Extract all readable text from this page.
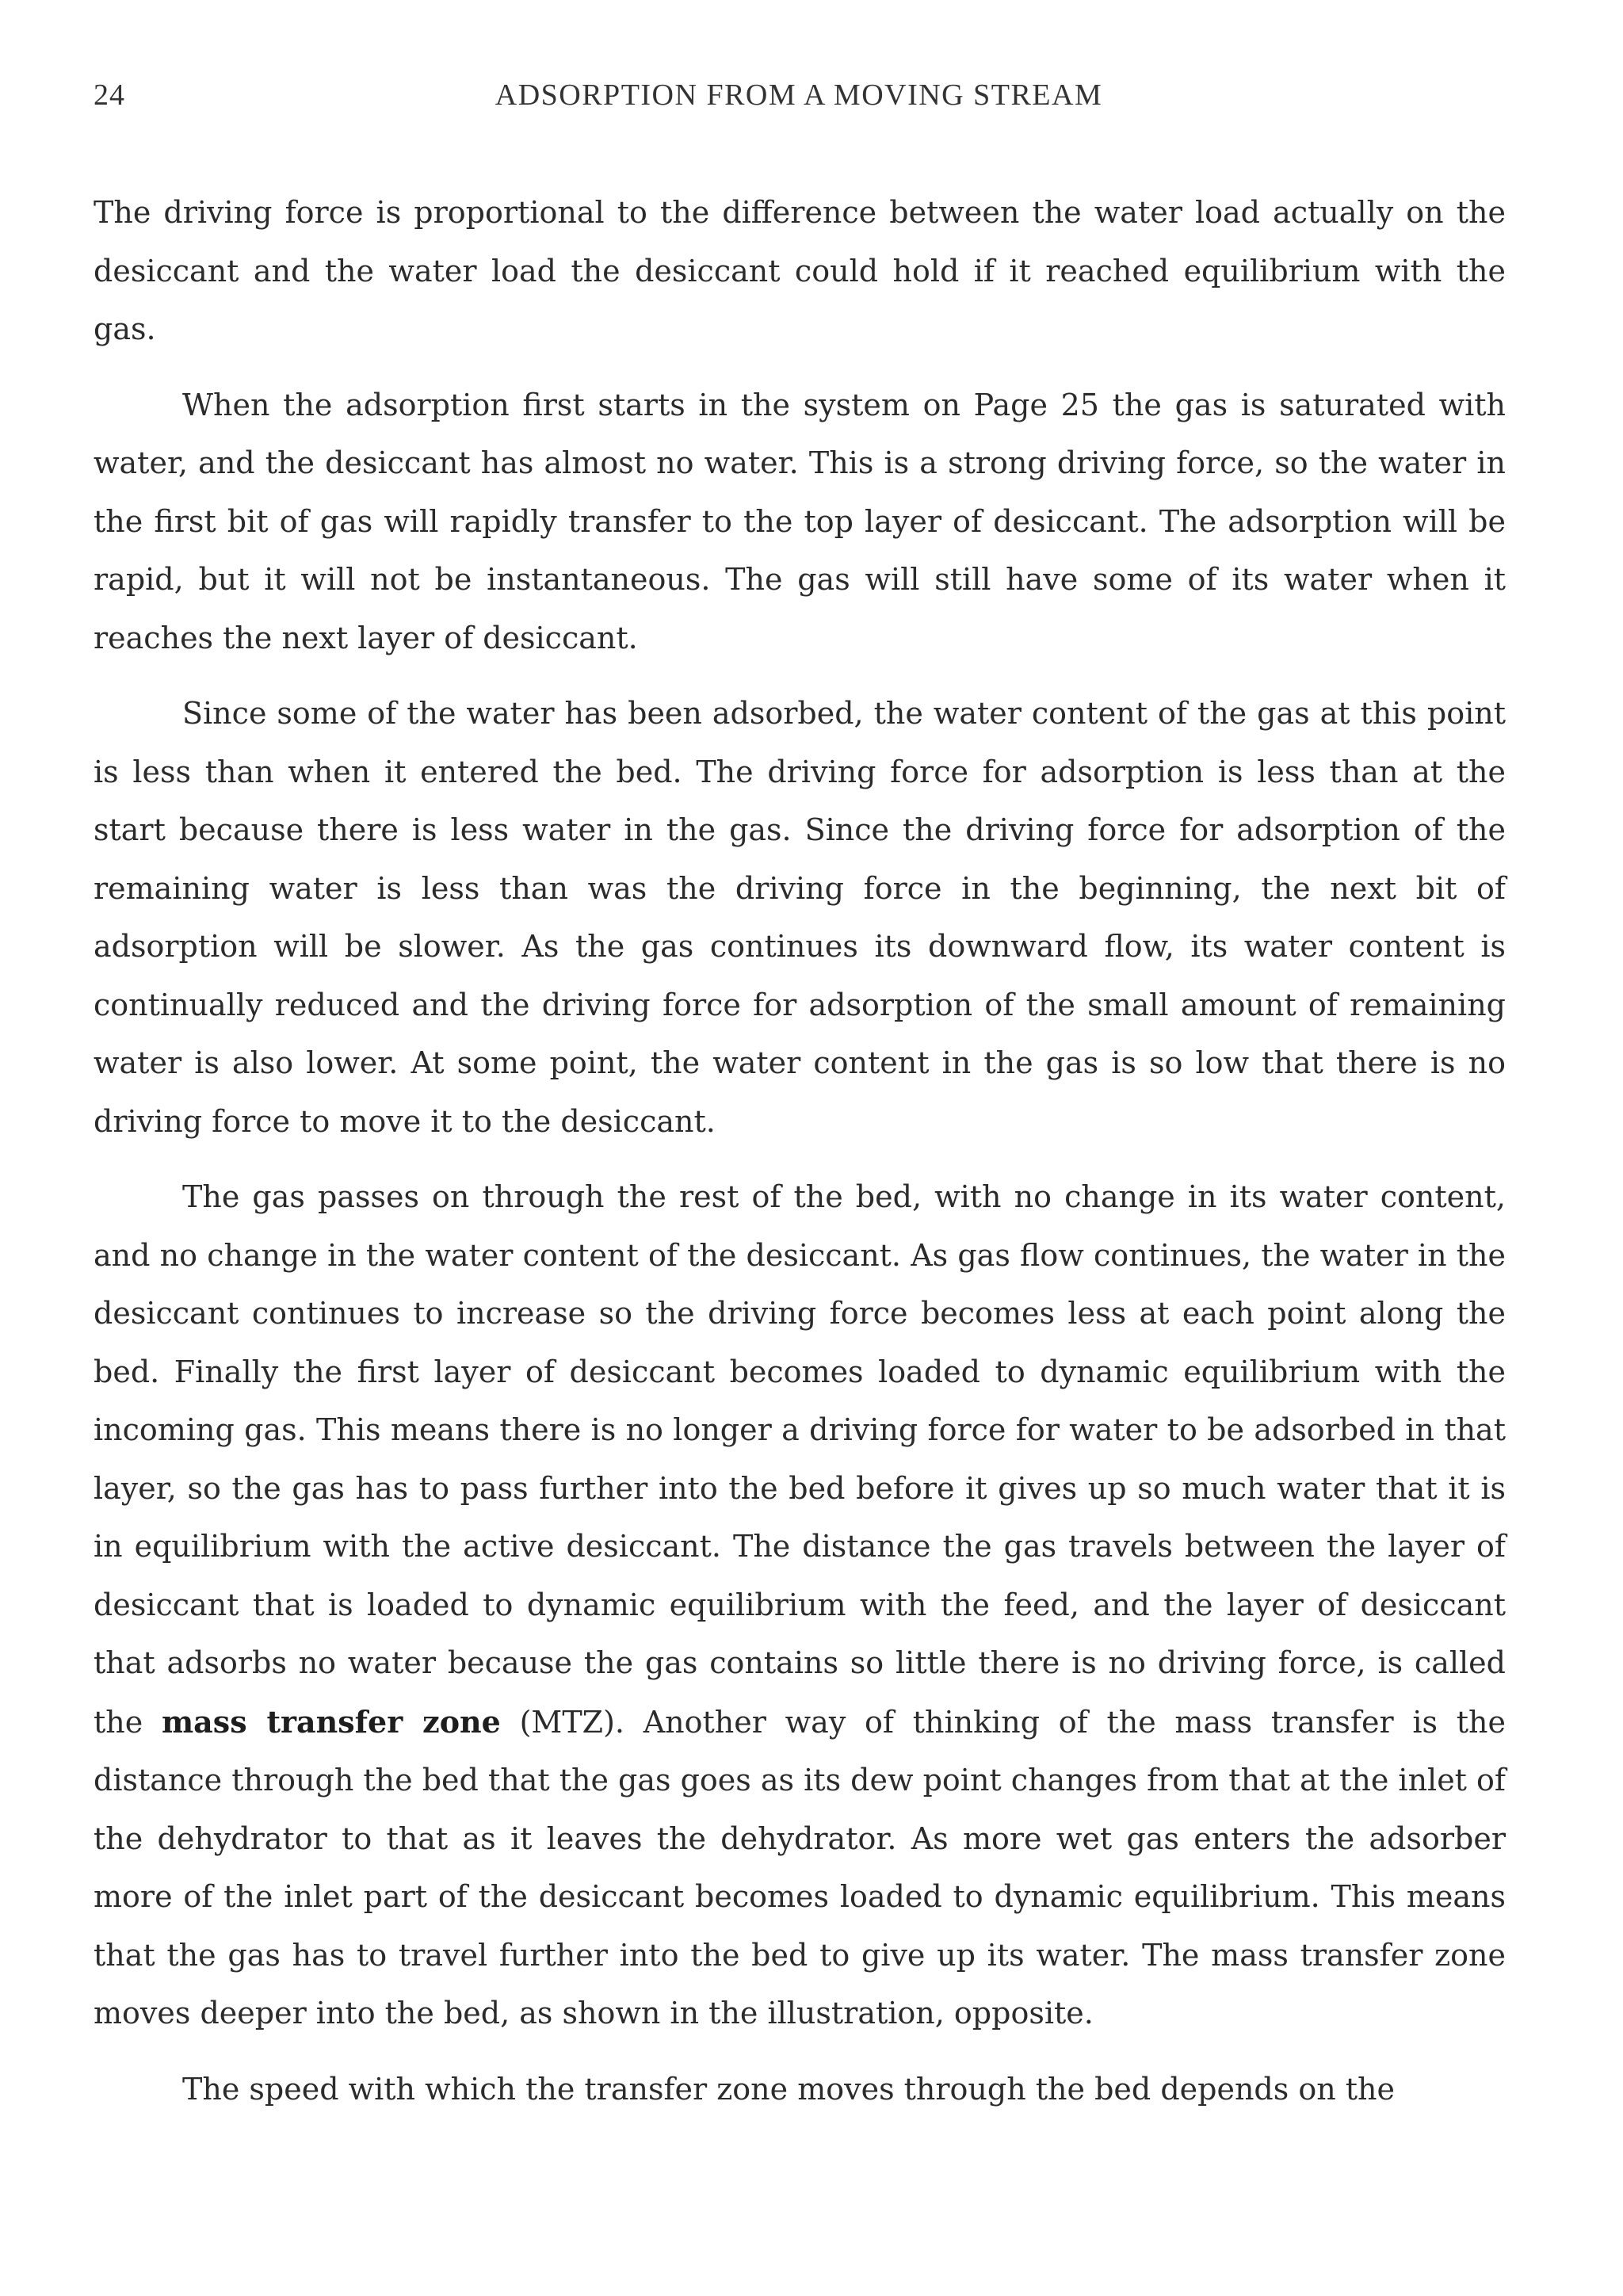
24	ADSORPTION FROM A MOVING STREAM

The driving force is proportional to the difference between the water load actually on the desiccant and the water load the desiccant could hold if it reached equilibrium with the gas.

When the adsorption first starts in the system on Page 25 the gas is saturated with water, and the desiccant has almost no water. This is a strong driving force, so the water in the first bit of gas will rapidly transfer to the top layer of desiccant. The adsorption will be rapid, but it will not be instantaneous. The gas will still have some of its water when it reaches the next layer of desiccant.

Since some of the water has been adsorbed, the water content of the gas at this point is less than when it entered the bed. The driving force for adsorption is less than at the start because there is less water in the gas. Since the driving force for adsorption of the remaining water is less than was the driving force in the beginning, the next bit of adsorption will be slower. As the gas continues its downward flow, its water content is continually reduced and the driving force for adsorption of the small amount of remaining water is also lower. At some point, the water content in the gas is so low that there is no driving force to move it to the desiccant.

The gas passes on through the rest of the bed, with no change in its water content, and no change in the water content of the desiccant. As gas flow continues, the water in the desiccant continues to increase so the driving force becomes less at each point along the bed. Finally the first layer of desiccant becomes loaded to dynamic equilibrium with the incoming gas. This means there is no longer a driving force for water to be adsorbed in that layer, so the gas has to pass further into the bed before it gives up so much water that it is in equilibrium with the active desiccant. The distance the gas travels between the layer of desiccant that is loaded to dynamic equilibrium with the feed, and the layer of desiccant that adsorbs no water because the gas contains so little there is no driving force, is called the mass transfer zone (MTZ). Another way of thinking of the mass transfer is the distance through the bed that the gas goes as its dew point changes from that at the inlet of the dehydrator to that as it leaves the dehydrator. As more wet gas enters the adsorber more of the inlet part of the desiccant becomes loaded to dynamic equilibrium. This means that the gas has to travel further into the bed to give up its water. The mass transfer zone moves deeper into the bed, as shown in the illustration, opposite.

The speed with which the transfer zone moves through the bed depends on the
